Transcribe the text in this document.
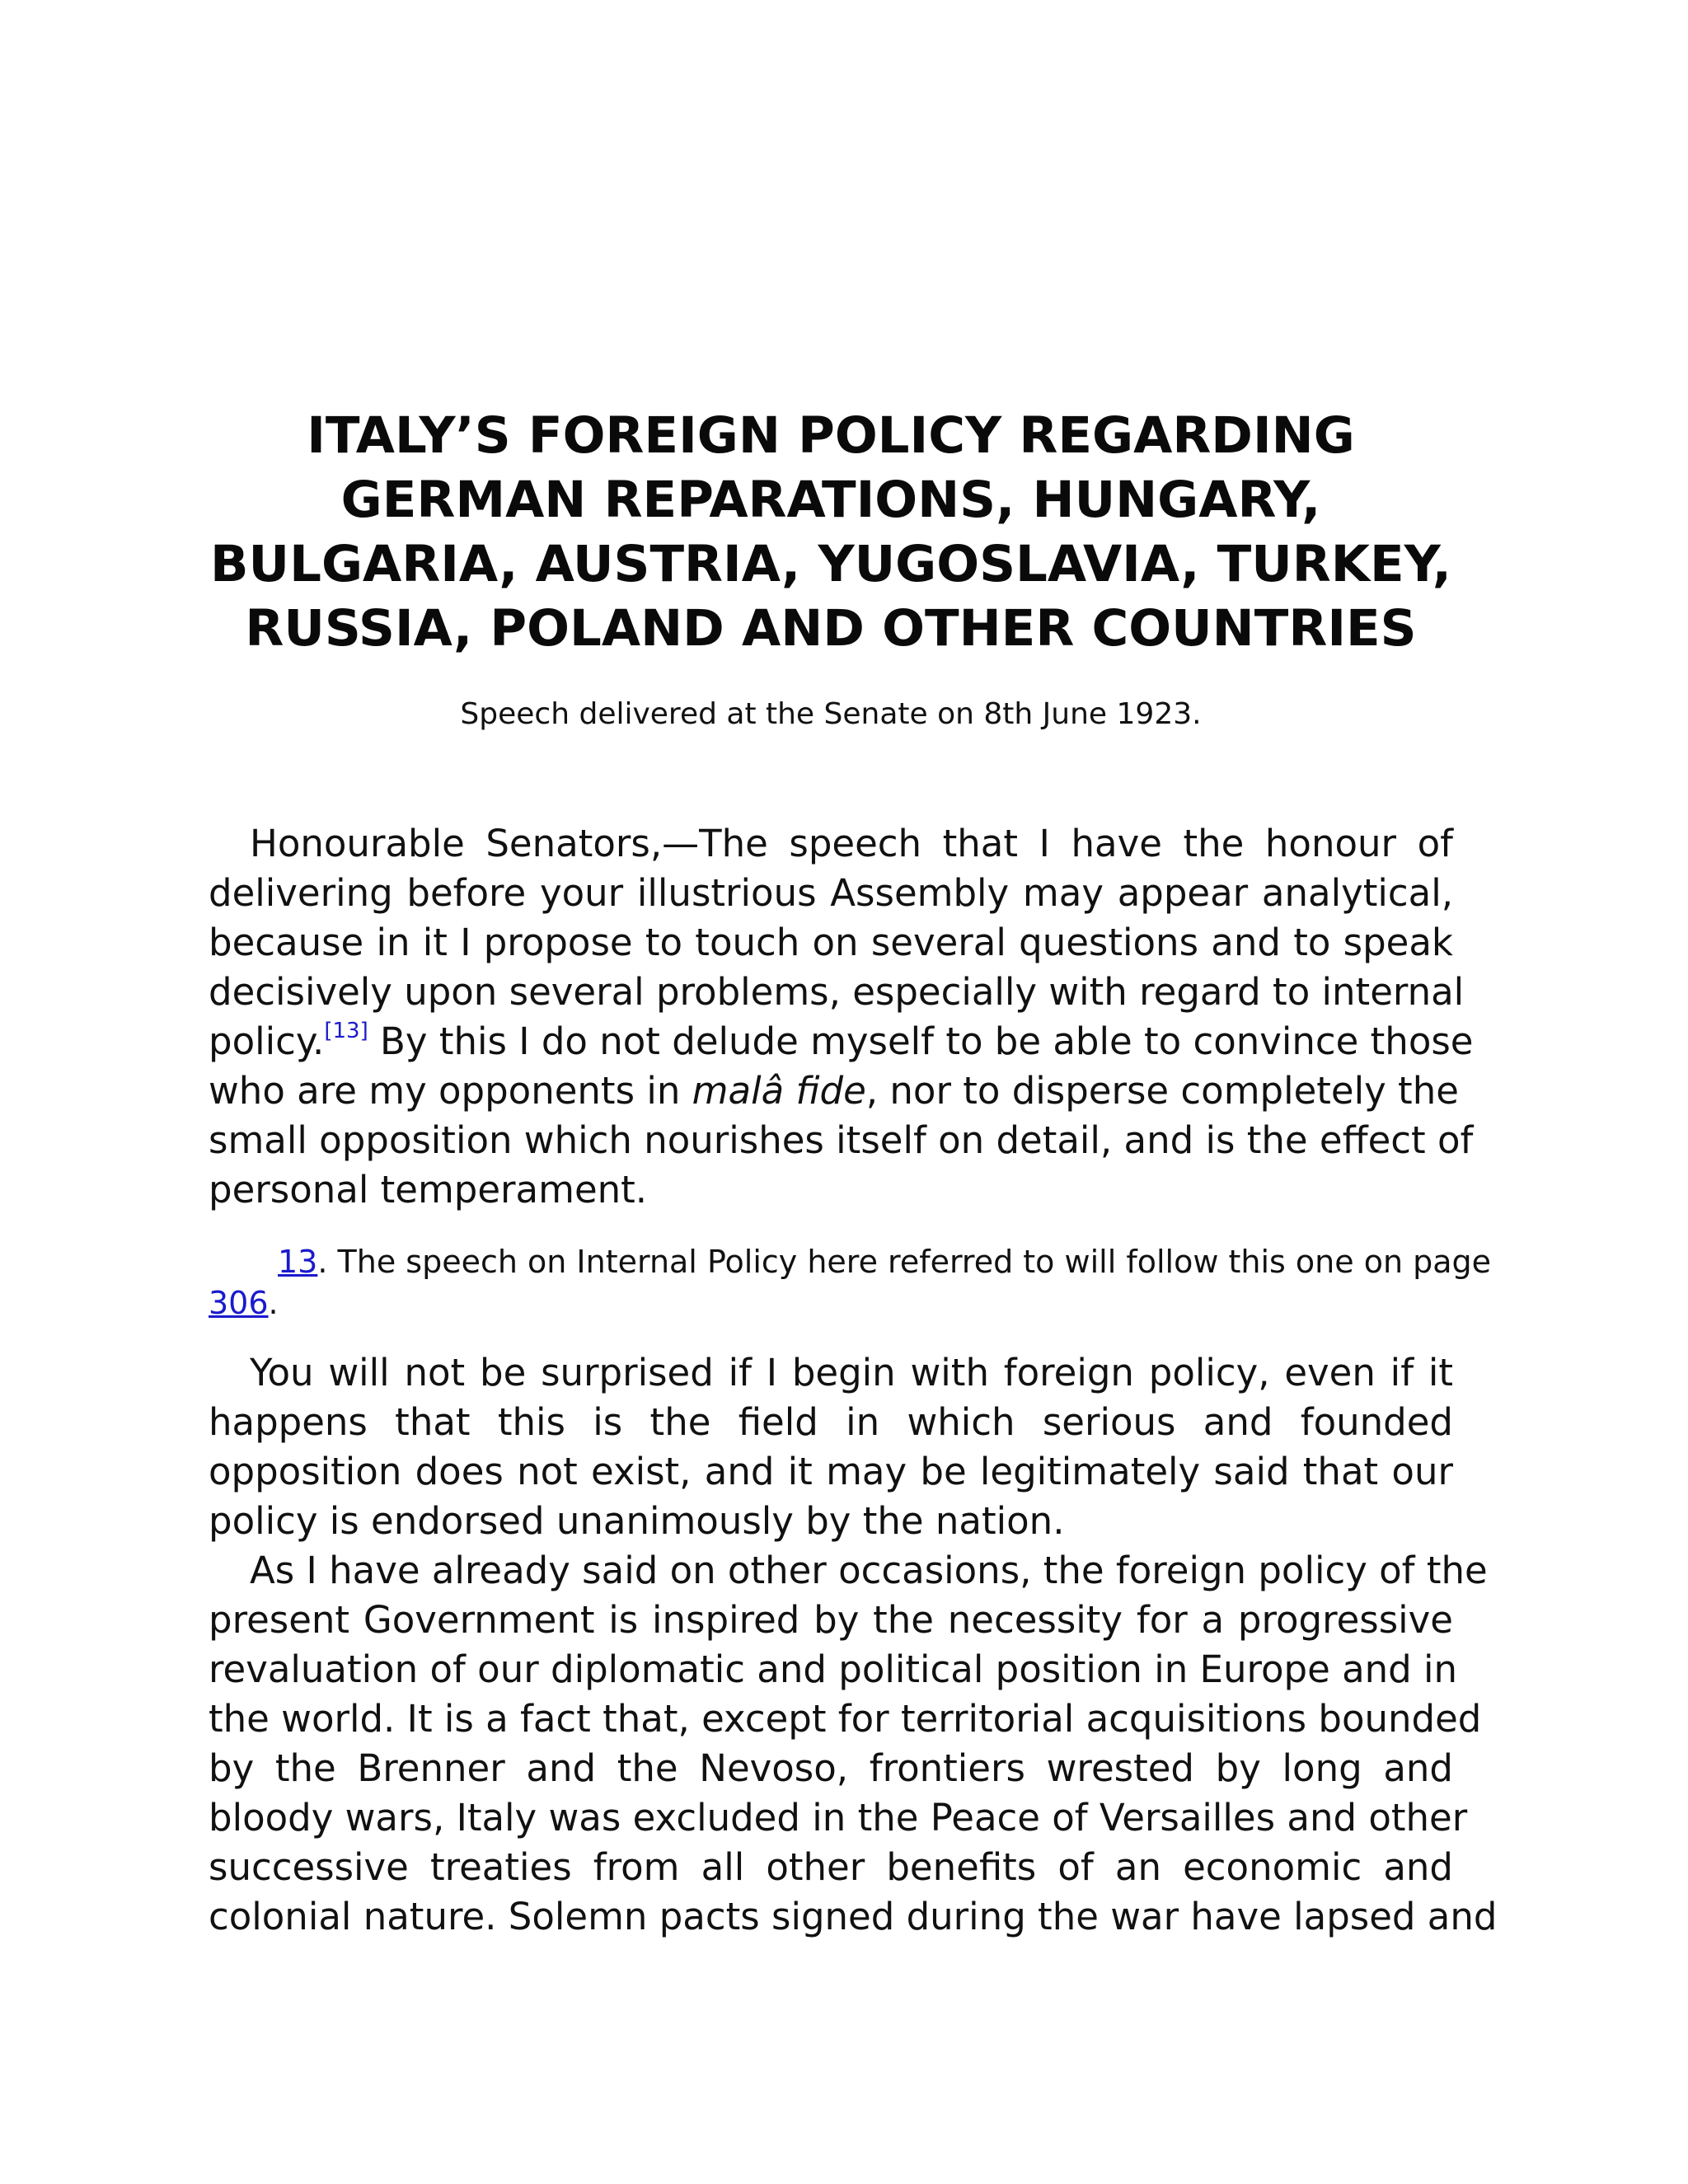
ITALY’S FOREIGN POLICY REGARDING
GERMAN REPARATIONS, HUNGARY,
BULGARIA, AUSTRIA, YUGOSLAVIA, TURKEY,
RUSSIA, POLAND AND OTHER COUNTRIES
Speech delivered at the Senate on 8th June 1923.
Honourable Senators,—The speech that I have the honour of
delivering before your illustrious Assembly may appear analytical,
because in it I propose to touch on several questions and to speak
decisively upon several problems, especially with regard to internal
policy.[13] By this I do not delude myself to be able to convince those
who are my opponents in malâ fide, nor to disperse completely the
small opposition which nourishes itself on detail, and is the effect of
personal temperament.
13. The speech on Internal Policy here referred to will follow this one on page
306.
You will not be surprised if I begin with foreign policy, even if it
happens that this is the field in which serious and founded
opposition does not exist, and it may be legitimately said that our
policy is endorsed unanimously by the nation.
As I have already said on other occasions, the foreign policy of the
present Government is inspired by the necessity for a progressive
revaluation of our diplomatic and political position in Europe and in
the world. It is a fact that, except for territorial acquisitions bounded
by the Brenner and the Nevoso, frontiers wrested by long and
bloody wars, Italy was excluded in the Peace of Versailles and other
successive treaties from all other benefits of an economic and
colonial nature. Solemn pacts signed during the war have lapsed and
